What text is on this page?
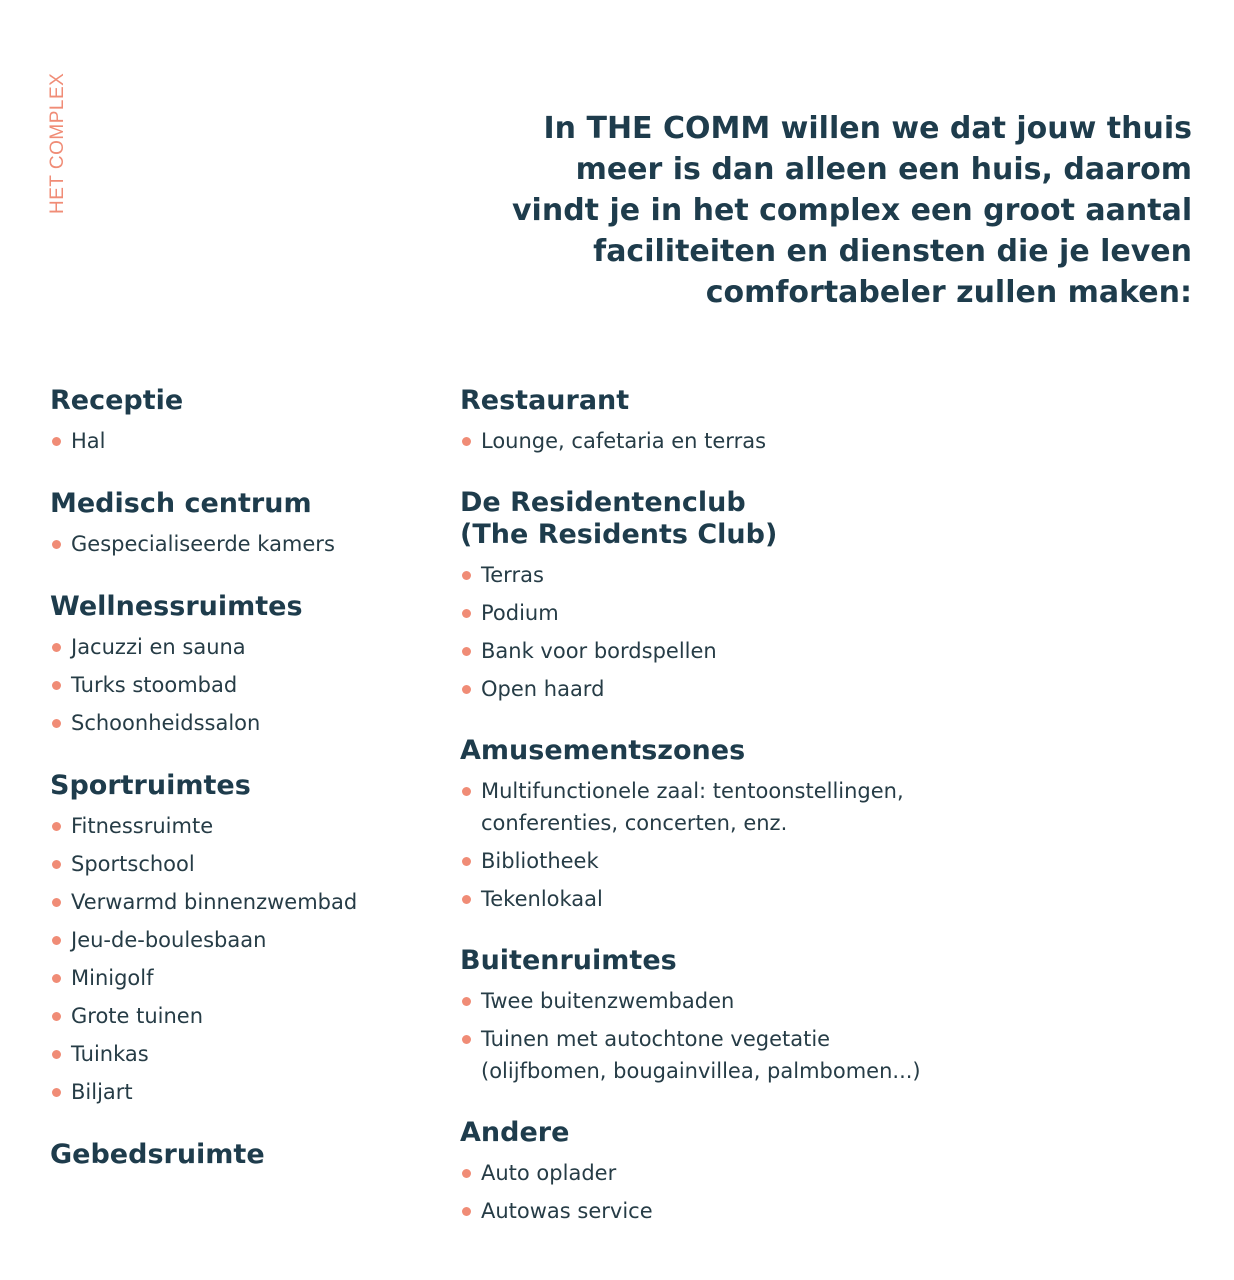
HET COMPLEX	In THE COMM willen we dat jouw thuis
meer is dan alleen een huis, daarom
vindt je in het complex een groot aantal
faciliteiten en diensten die je leven
comfortabeler zullen maken:
Receptie
Hal
Medisch centrum
Gespecialiseerde kamers
Wellnessruimtes
Jacuzzi en sauna
Turks stoombad
Schoonheidssalon
Sportruimtes
Fitnessruimte
Sportschool
Verwarmd binnenzwembad
Jeu-de-boulesbaan
Minigolf
Grote tuinen
Tuinkas
Biljart
Gebedsruimte
Restaurant
Lounge, cafetaria en terras
De Residentenclub
(The Residents Club)
Terras
Podium
Bank voor bordspellen
Open haard
Amusementszones
Multifunctionele zaal: tentoonstellingen,
conferenties, concerten, enz.
Bibliotheek
Tekenlokaal
Buitenruimtes
Twee buitenzwembaden
Tuinen met autochtone vegetatie
(olijfbomen, bougainvillea, palmbomen...)
Andere
Auto oplader
Autowas service
